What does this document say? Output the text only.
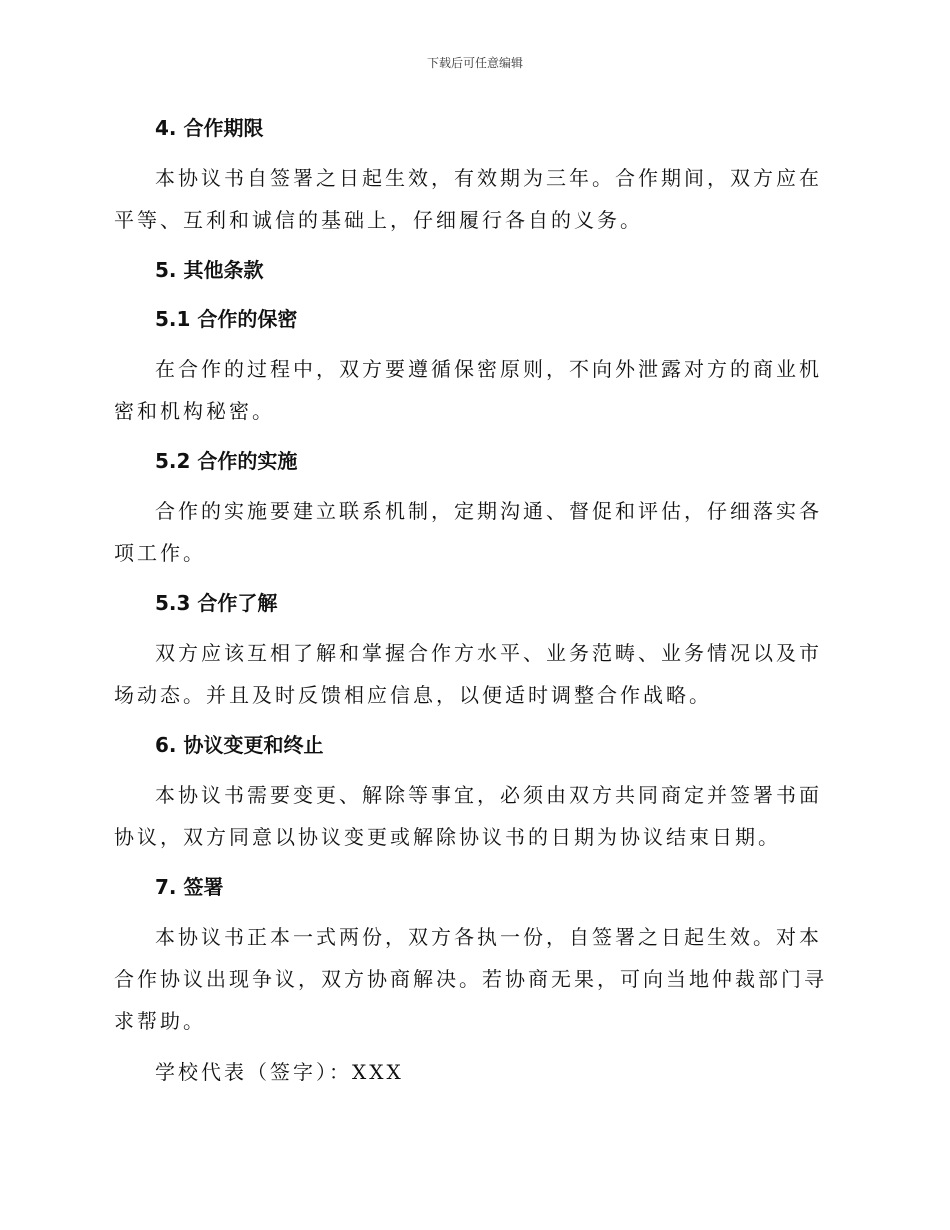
下载后可任意编辑
4. 合作期限
本协议书自签署之日起生效，有效期为三年。合作期间，双方应在平等、互利和诚信的基础上，仔细履行各自的义务。
5. 其他条款
5.1 合作的保密
在合作的过程中，双方要遵循保密原则，不向外泄露对方的商业机密和机构秘密。
5.2 合作的实施
合作的实施要建立联系机制，定期沟通、督促和评估，仔细落实各项工作。
5.3 合作了解
双方应该互相了解和掌握合作方水平、业务范畴、业务情况以及市场动态。并且及时反馈相应信息，以便适时调整合作战略。
6. 协议变更和终止
本协议书需要变更、解除等事宜，必须由双方共同商定并签署书面协议，双方同意以协议变更或解除协议书的日期为协议结束日期。
7. 签署
本协议书正本一式两份，双方各执一份，自签署之日起生效。对本合作协议出现争议，双方协商解决。若协商无果，可向当地仲裁部门寻求帮助。
学校代表（签字）：XXX
